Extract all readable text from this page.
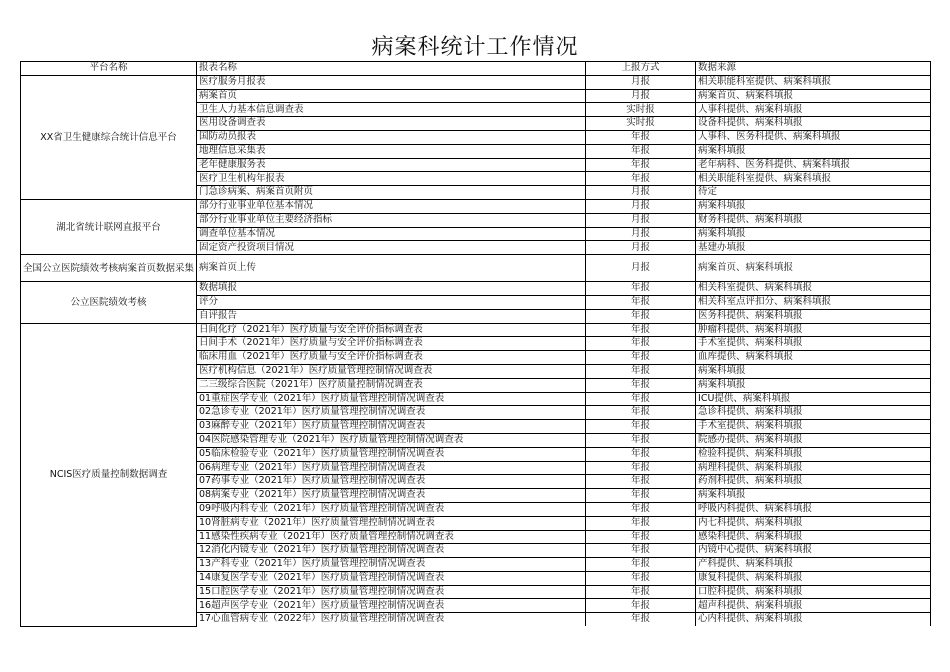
病案科统计工作情况
平台名称	报表名称	上报方式	数据来源
XX省卫生健康综合统计信息平台	医疗服务月报表	月报	相关职能科室提供、病案科填报
	病案首页	月报	病案首页、病案科填报
	卫生人力基本信息调查表	实时报	人事科提供、病案科填报
	医用设备调查表	实时报	设备科提供、病案科填报
	国防动员报表	年报	人事科、医务科提供、病案科填报
	地理信息采集表	年报	病案科填报
	老年健康服务表	年报	老年病科、医务科提供、病案科填报
	医疗卫生机构年报表	年报	相关职能科室提供、病案科填报
	门急诊病案、病案首页附页	月报	待定
湖北省统计联网直报平台	部分行业事业单位基本情况	月报	病案科填报
	部分行业事业单位主要经济指标	月报	财务科提供、病案科填报
	调查单位基本情况	月报	病案科填报
	固定资产投资项目情况	月报	基建办填报
全国公立医院绩效考核病案首页数据采集	病案首页上传	月报	病案首页、病案科填报
公立医院绩效考核	数据填报	年报	相关科室提供、病案科填报
	评分	年报	相关科室点评扣分、病案科填报
	自评报告	年报	医务科提供、病案科填报
NCIS医疗质量控制数据调查	日间化疗（2021年）医疗质量与安全评价指标调查表	年报	肿瘤科提供、病案科填报
	日间手术（2021年）医疗质量与安全评价指标调查表	年报	手术室提供、病案科填报
	临床用血（2021年）医疗质量与安全评价指标调查表	年报	血库提供、病案科填报
	医疗机构信息（2021年）医疗质量管理控制情况调查表	年报	病案科填报
	二三级综合医院（2021年）医疗质量控制情况调查表	年报	病案科填报
	01重症医学专业（2021年）医疗质量管理控制情况调查表	年报	ICU提供、病案科填报
	02急诊专业（2021年）医疗质量管理控制情况调查表	年报	急诊科提供、病案科填报
	03麻醉专业（2021年）医疗质量管理控制情况调查表	年报	手术室提供、病案科填报
	04医院感染管理专业（2021年）医疗质量管理控制情况调查表	年报	院感办提供、病案科填报
	05临床检验专业（2021年）医疗质量管理控制情况调查表	年报	检验科提供、病案科填报
	06病理专业（2021年）医疗质量管理控制情况调查表	年报	病理科提供、病案科填报
	07药事专业（2021年）医疗质量管理控制情况调查表	年报	药剂科提供、病案科填报
	08病案专业（2021年）医疗质量管理控制情况调查表	年报	病案科填报
	09呼吸内科专业（2021年）医疗质量管理控制情况调查表	年报	呼吸内科提供、病案科填报
	10肾脏病专业（2021年）医疗质量管理控制情况调查表	年报	内七科提供、病案科填报
	11感染性疾病专业（2021年）医疗质量管理控制情况调查表	年报	感染科提供、病案科填报
	12消化内镜专业（2021年）医疗质量管理控制情况调查表	年报	内镜中心提供、病案科填报
	13产科专业（2021年）医疗质量管理控制情况调查表	年报	产科提供、病案科填报
	14康复医学专业（2021年）医疗质量管理控制情况调查表	年报	康复科提供、病案科填报
	15口腔医学专业（2021年）医疗质量管理控制情况调查表	年报	口腔科提供、病案科填报
	16超声医学专业（2021年）医疗质量管理控制情况调查表	年报	超声科提供、病案科填报
	17心血管病专业（2022年）医疗质量管理控制情况调查表	年报	心内科提供、病案科填报
